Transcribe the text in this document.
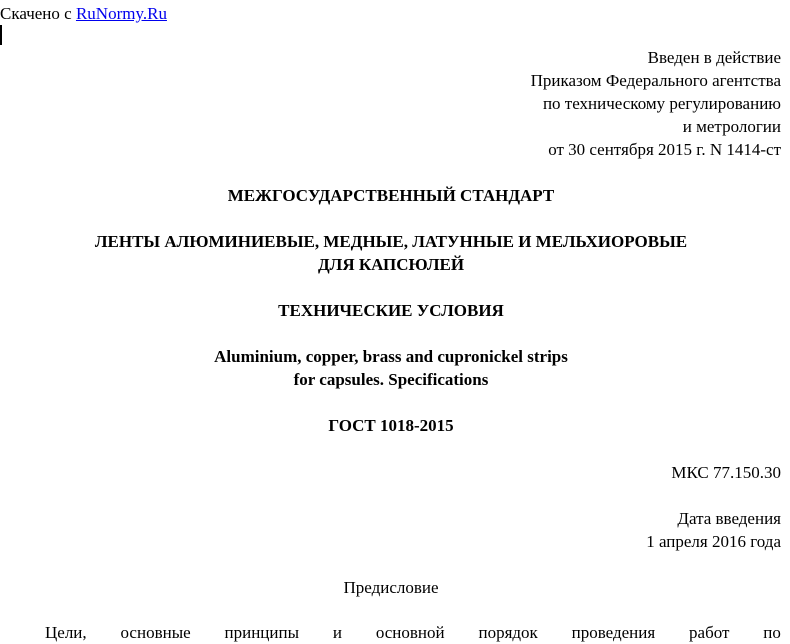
Скачено с RuNormy.Ru
Введен в действие
Приказом Федерального агентства
по техническому регулированию
и метрологии
от 30 сентября 2015 г. N 1414-ст
МЕЖГОСУДАРСТВЕННЫЙ СТАНДАРТ
ЛЕНТЫ АЛЮМИНИЕВЫЕ, МЕДНЫЕ, ЛАТУННЫЕ И МЕЛЬХИОРОВЫЕ
ДЛЯ КАПСЮЛЕЙ
ТЕХНИЧЕСКИЕ УСЛОВИЯ
Aluminium, copper, brass and cupronickel strips
for capsules. Specifications
ГОСТ 1018-2015
МКС 77.150.30
Дата введения
1 апреля 2016 года
Предисловие
Цели, основные принципы и основной порядок проведения работ по
